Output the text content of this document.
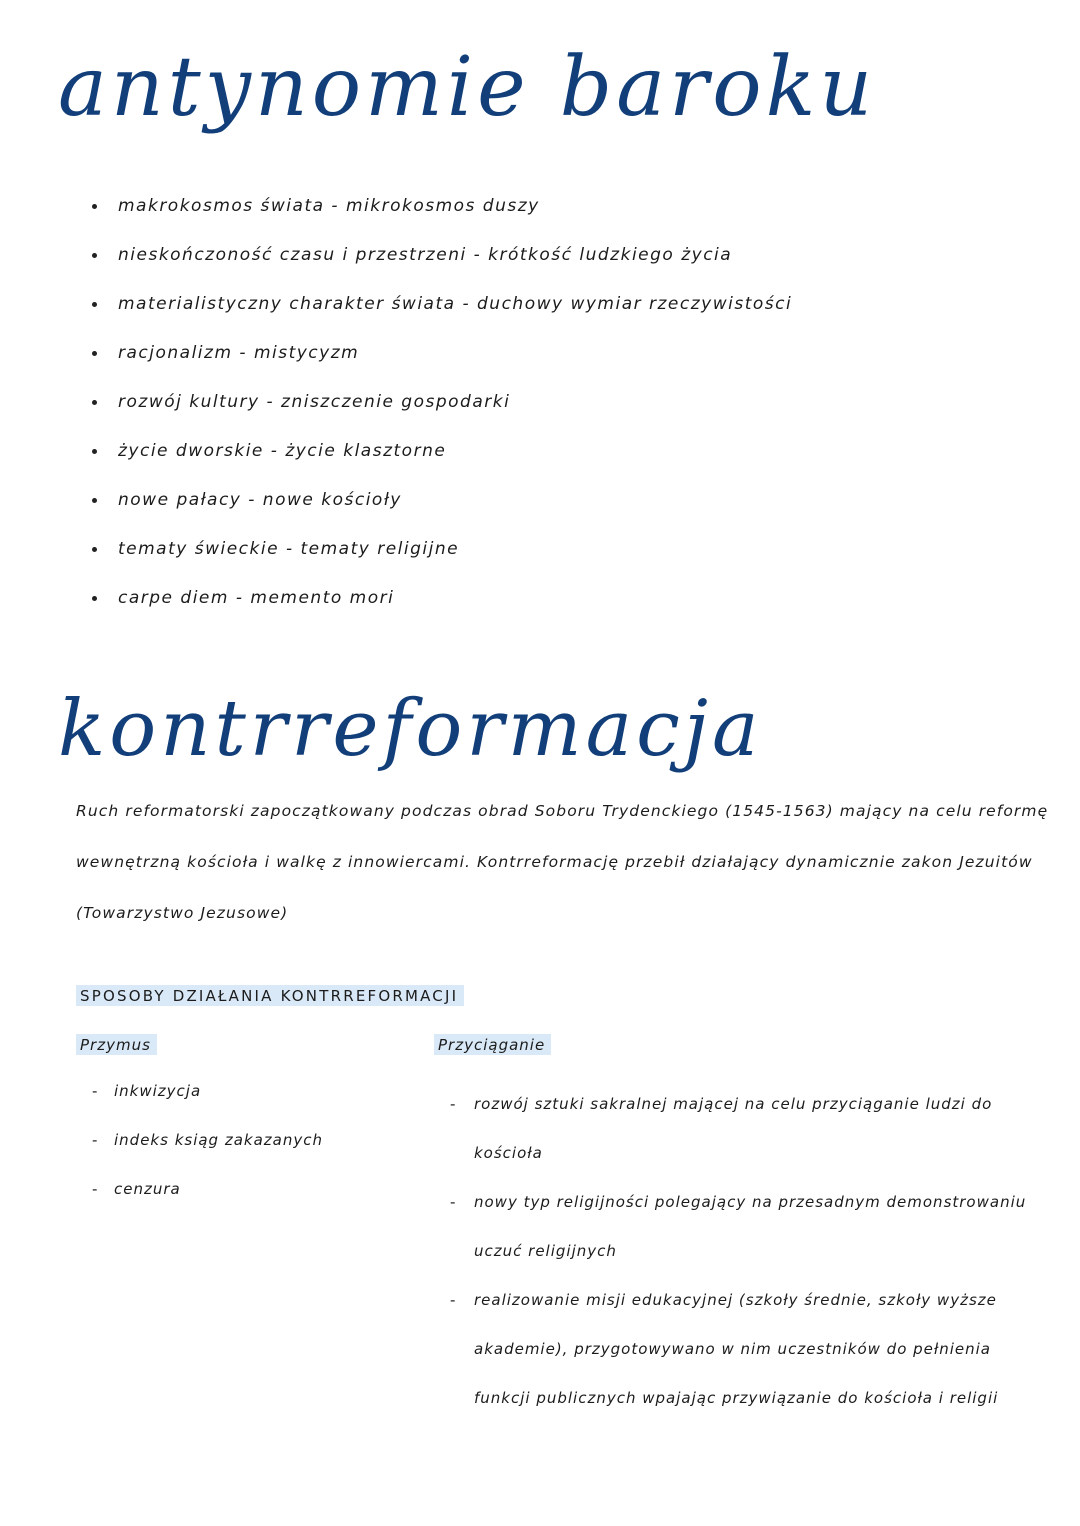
antynomie baroku
makrokosmos świata - mikrokosmos duszy
nieskończoność czasu i przestrzeni - krótkość ludzkiego życia
materialistyczny charakter świata - duchowy wymiar rzeczywistości
racjonalizm - mistycyzm
rozwój kultury - zniszczenie gospodarki
życie dworskie - życie klasztorne
nowe pałacy - nowe kościoły
tematy świeckie - tematy religijne
carpe diem - memento mori
kontrreformacja

Ruch reformatorski zapoczątkowany podczas obrad Soboru Trydenckiego (1545-1563) mający na celu reformę wewnętrzną kościoła i walkę z innowiercami. Kontrreformację przebił działający dynamicznie zakon Jezuitów (Towarzystwo Jezusowe)

SPOSOBY DZIAŁANIA KONTRREFORMACJI
Przymus
- inkwizycja
- indeks ksiąg zakazanych
- cenzura
Przyciąganie
- rozwój sztuki sakralnej mającej na celu przyciąganie ludzi do kościoła
- nowy typ religijności polegający na przesadnym demonstrowaniu uczuć religijnych
- realizowanie misji edukacyjnej (szkoły średnie, szkoły wyższe akademie), przygotowywano w nim uczestników do pełnienia funkcji publicznych wpajając przywiązanie do kościoła i religii
